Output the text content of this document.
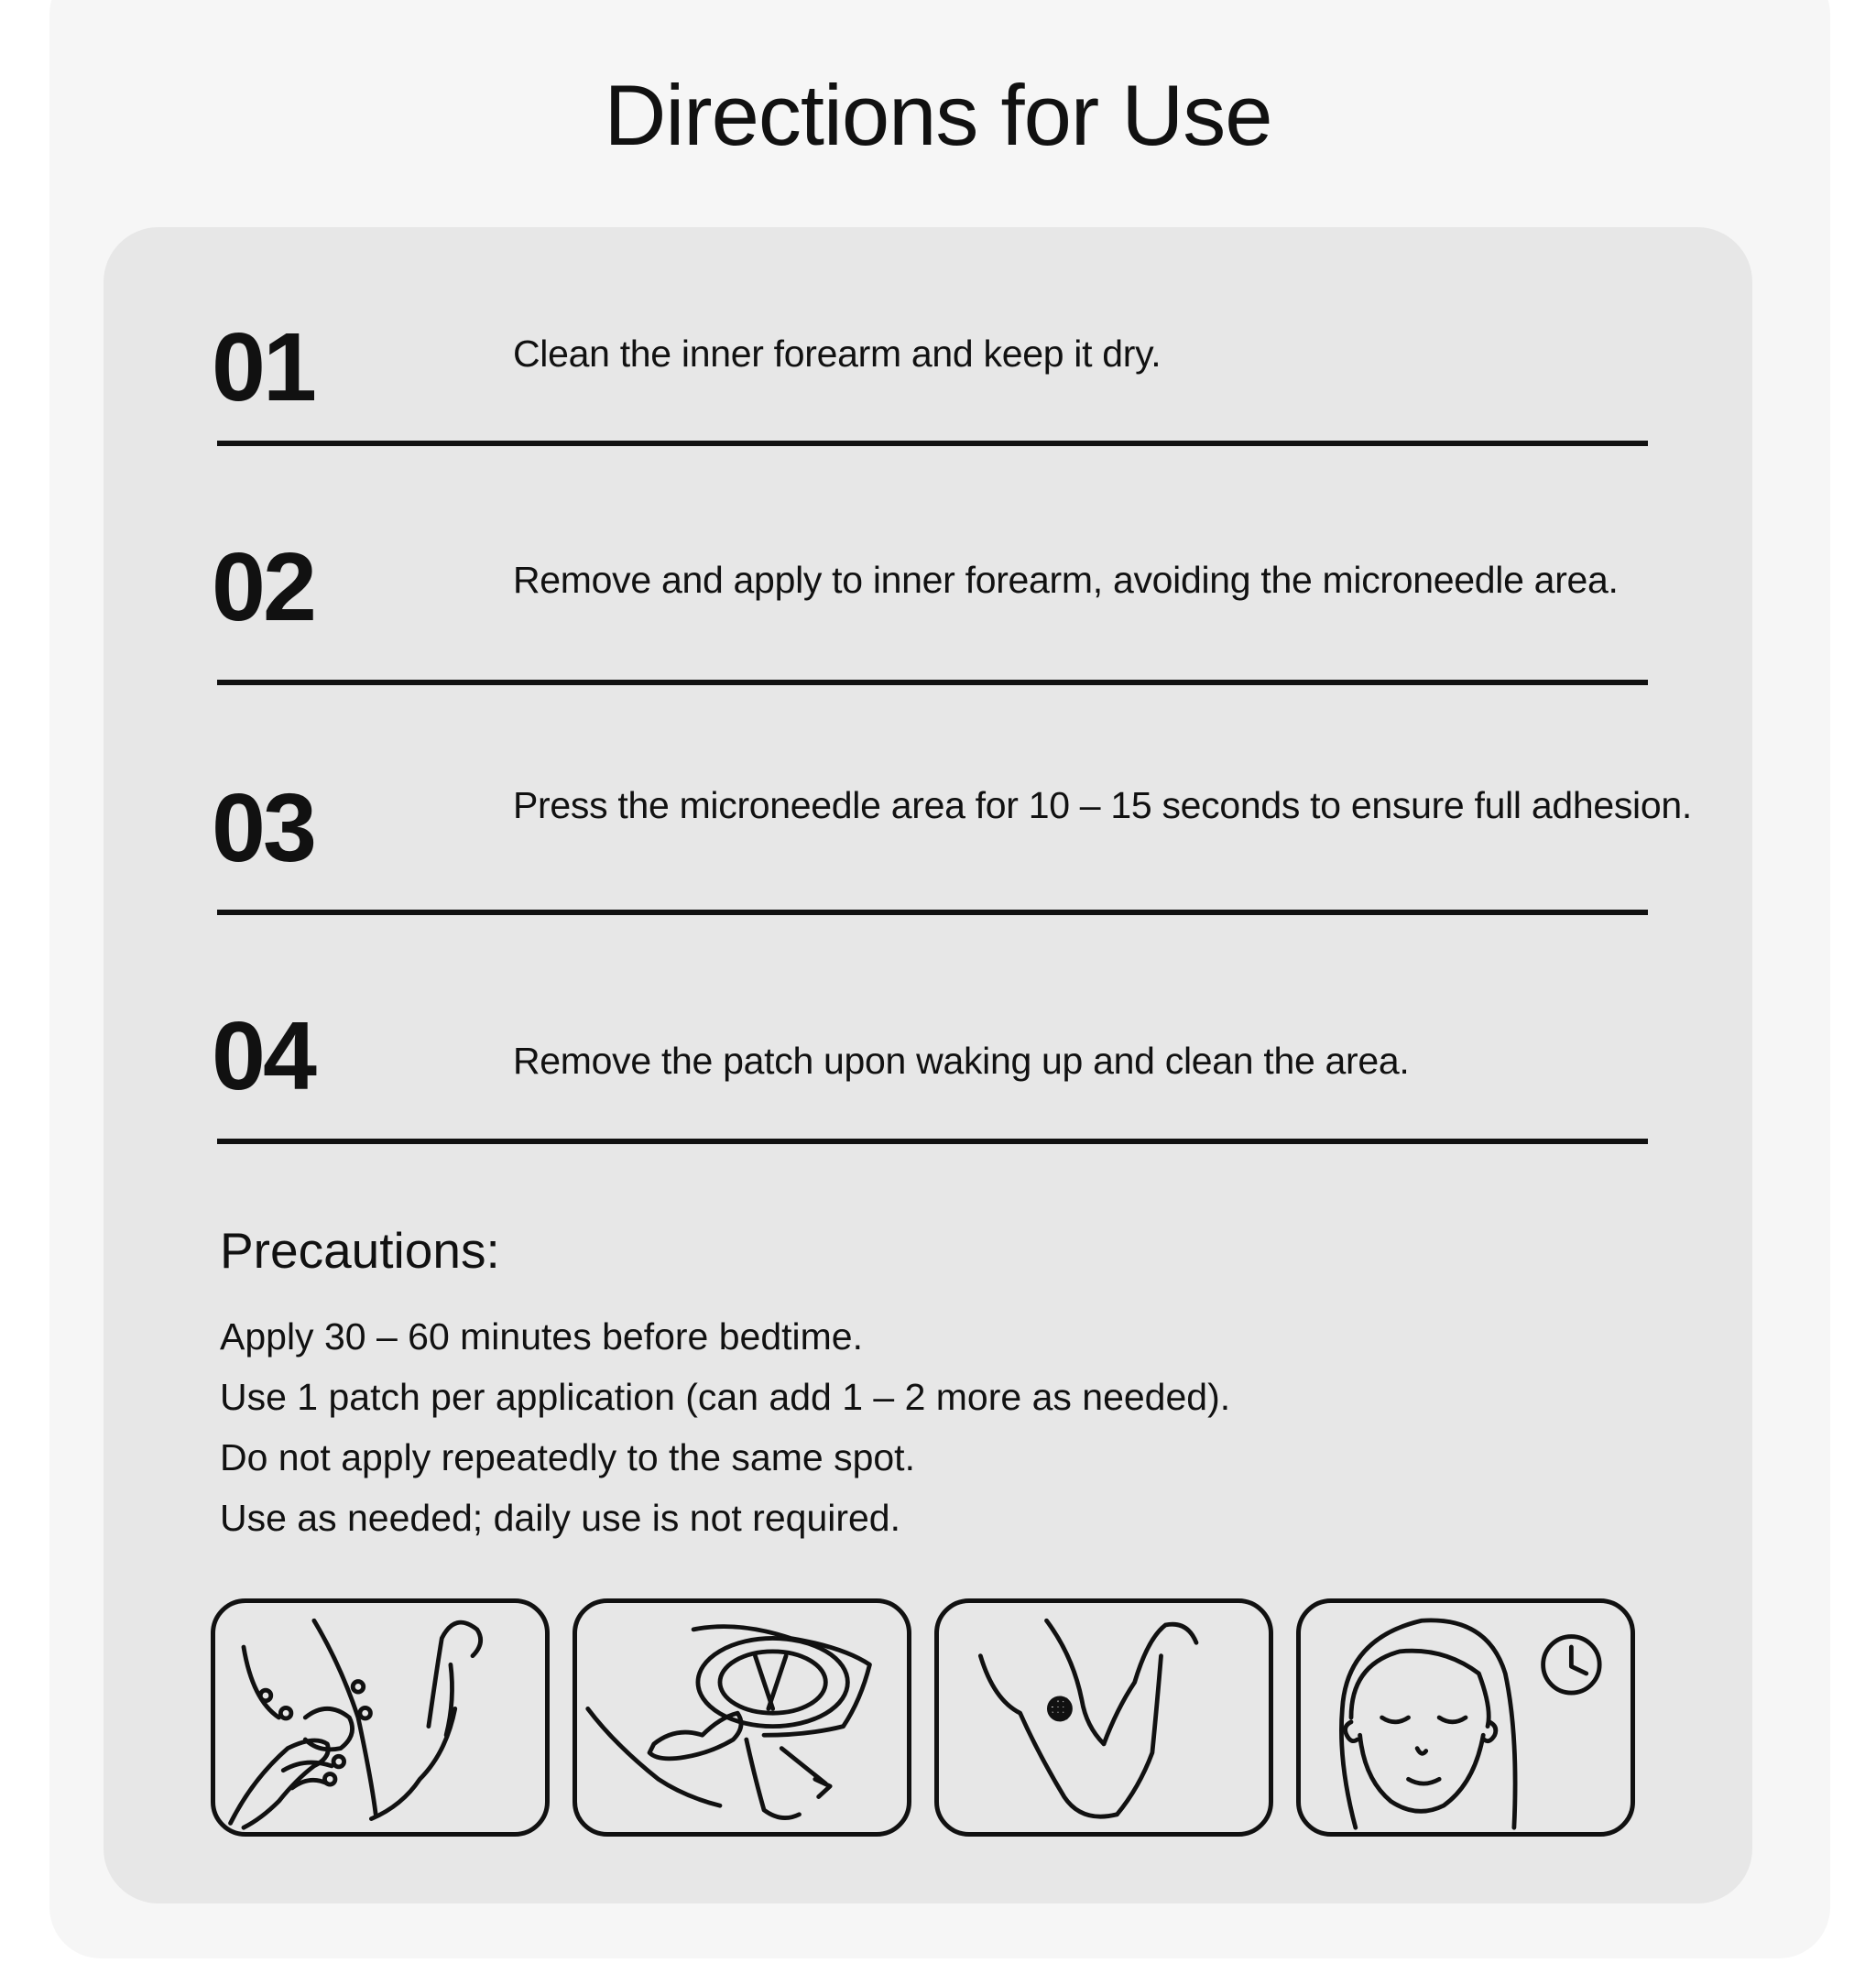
Directions for Use
01	Clean the inner forearm and keep it dry.
02	Remove and apply to inner forearm, avoiding the microneedle area.
03	Press the microneedle area for 10 – 15 seconds to ensure full adhesion.
04	Remove the patch upon waking up and clean the area.
Precautions:
Apply 30 – 60 minutes before bedtime.
Use 1 patch per application (can add 1 – 2 more as needed).
Do not apply repeatedly to the same spot.
Use as needed; daily use is not required.
